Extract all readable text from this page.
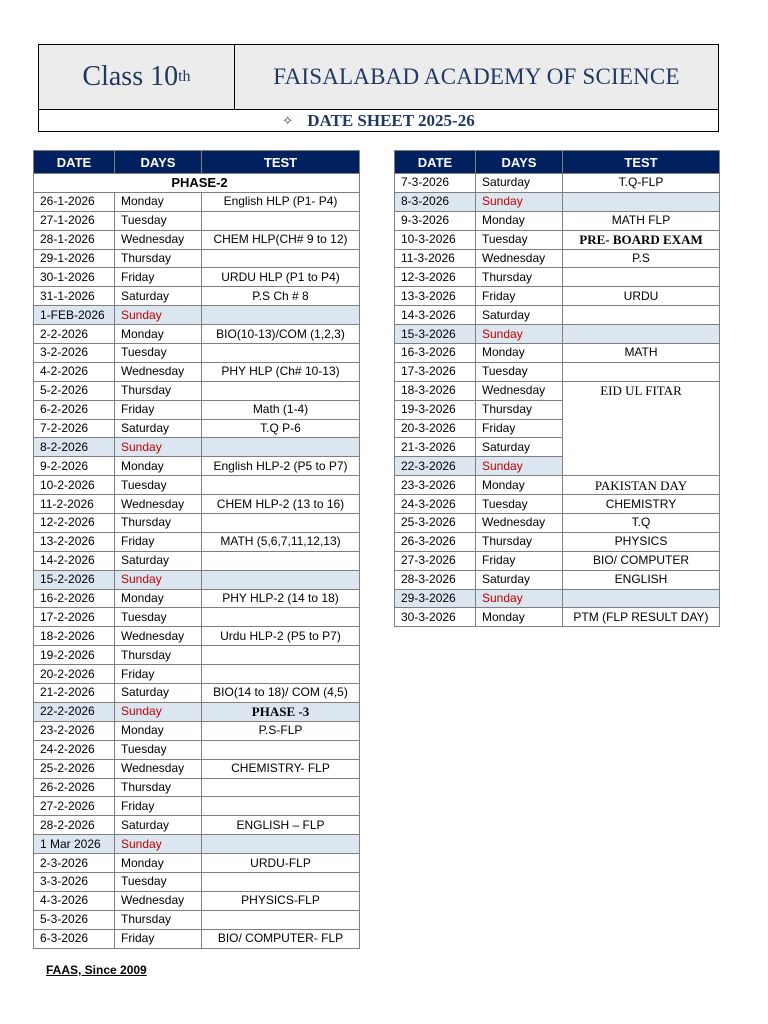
Class 10 th	FAISALABAD ACADEMY OF SCIENCE
✧ DATE SHEET 2025-26
DATE	DAYS	TEST
PHASE-2		
26-1-2026	Monday	English HLP (P1- P4)
27-1-2026	Tuesday	
28-1-2026	Wednesday	CHEM HLP(CH# 9 to 12)
29-1-2026	Thursday	
30-1-2026	Friday	URDU HLP (P1 to P4)
31-1-2026	Saturday	P.S Ch # 8
1-FEB-2026	Sunday	
2-2-2026	Monday	BIO(10-13)/COM (1,2,3)
3-2-2026	Tuesday	
4-2-2026	Wednesday	PHY HLP (Ch# 10-13)
5-2-2026	Thursday	
6-2-2026	Friday	Math (1-4)
7-2-2026	Saturday	T.Q P-6
8-2-2026	Sunday	
9-2-2026	Monday	English HLP-2 (P5 to P7)
10-2-2026	Tuesday	
11-2-2026	Wednesday	CHEM HLP-2 (13 to 16)
12-2-2026	Thursday	
13-2-2026	Friday	MATH (5,6,7,11,12,13)
14-2-2026	Saturday	
15-2-2026	Sunday	
16-2-2026	Monday	PHY HLP-2 (14 to 18)
17-2-2026	Tuesday	
18-2-2026	Wednesday	Urdu HLP-2 (P5 to P7)
19-2-2026	Thursday	
20-2-2026	Friday	
21-2-2026	Saturday	BIO(14 to 18)/ COM (4,5)
22-2-2026	Sunday	PHASE -3
23-2-2026	Monday	P.S-FLP
24-2-2026	Tuesday	
25-2-2026	Wednesday	CHEMISTRY- FLP
26-2-2026	Thursday	
27-2-2026	Friday	
28-2-2026	Saturday	ENGLISH – FLP
1 Mar 2026	Sunday	
2-3-2026	Monday	URDU-FLP
3-3-2026	Tuesday	
4-3-2026	Wednesday	PHYSICS-FLP
5-3-2026	Thursday	
6-3-2026	Friday	BIO/ COMPUTER- FLP
DATE	DAYS	TEST
7-3-2026	Saturday	T.Q-FLP
8-3-2026	Sunday	
9-3-2026	Monday	MATH FLP
10-3-2026	Tuesday	PRE- BOARD EXAM
11-3-2026	Wednesday	P.S
12-3-2026	Thursday	
13-3-2026	Friday	URDU
14-3-2026	Saturday	
15-3-2026	Sunday	
16-3-2026	Monday	MATH
17-3-2026	Tuesday	
18-3-2026	Wednesday	EID UL FITAR
19-3-2026	Thursday	
20-3-2026	Friday	
21-3-2026	Saturday	
22-3-2026	Sunday	
23-3-2026	Monday	PAKISTAN DAY
24-3-2026	Tuesday	CHEMISTRY
25-3-2026	Wednesday	T.Q
26-3-2026	Thursday	PHYSICS
27-3-2026	Friday	BIO/ COMPUTER
28-3-2026	Saturday	ENGLISH
29-3-2026	Sunday	
30-3-2026	Monday	PTM (FLP RESULT DAY)
FAAS, Since 2009
